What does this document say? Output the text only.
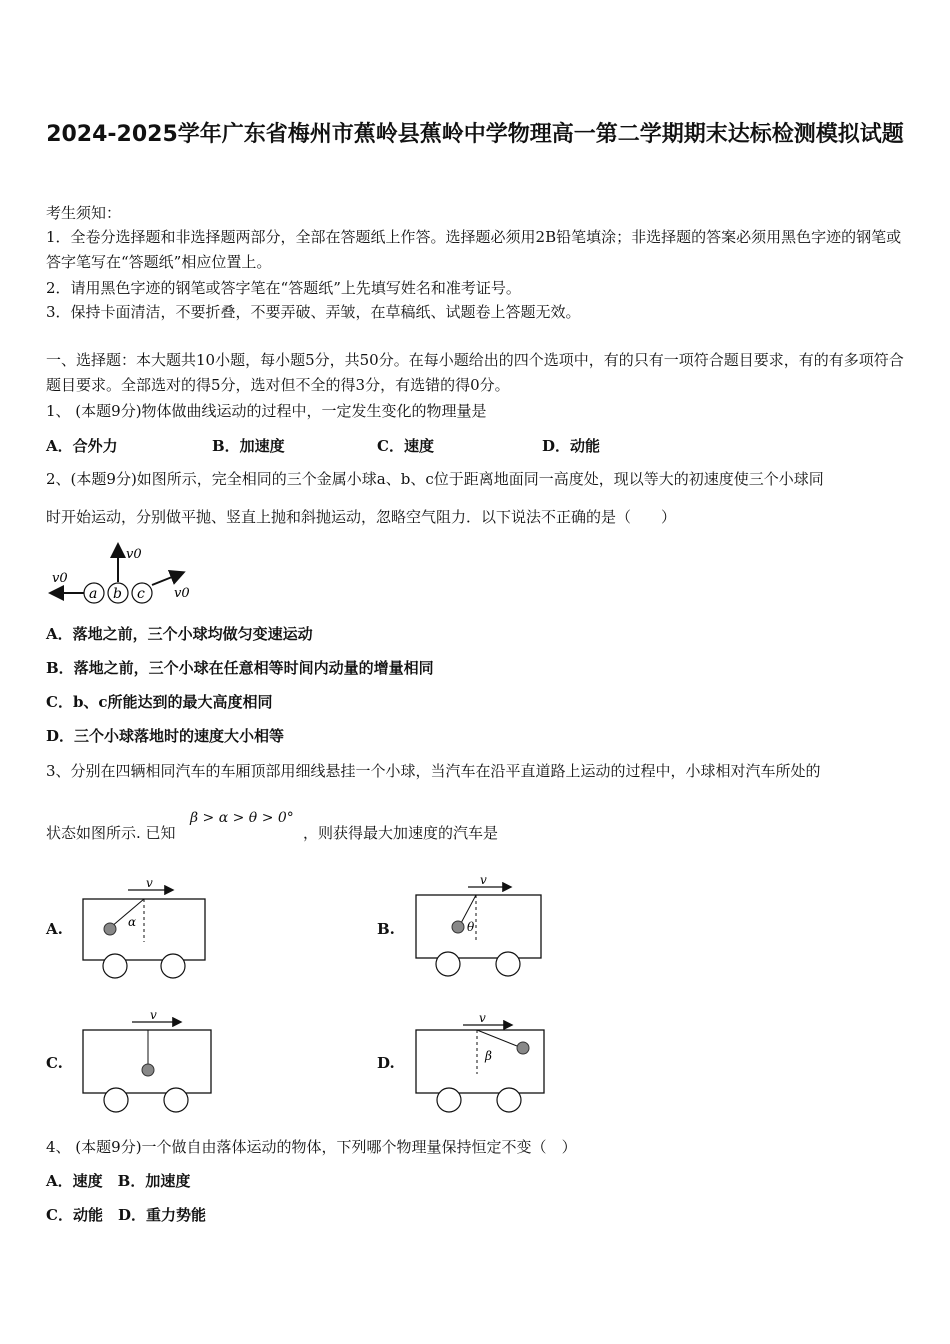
2024-2025学年广东省梅州市蕉岭县蕉岭中学物理高一第二学期期末达标检测模拟试题
考生须知：
1．全卷分选择题和非选择题两部分，全部在答题纸上作答。选择题必须用2B铅笔填涂；非选择题的答案必须用黑色字迹的钢笔或答字笔写在“答题纸”相应位置上。
2．请用黑色字迹的钢笔或答字笔在“答题纸”上先填写姓名和准考证号。
3．保持卡面清洁，不要折叠，不要弄破、弄皱，在草稿纸、试题卷上答题无效。
一、选择题：本大题共10小题，每小题5分，共50分。在每小题给出的四个选项中，有的只有一项符合题目要求，有的有多项符合题目要求。全部选对的得5分，选对但不全的得3分，有选错的得0分。
1、 (本题9分)物体做曲线运动的过程中，一定发生变化的物理量是
A．合外力	B．加速度	C．速度	D．动能
2、(本题9分)如图所示，完全相同的三个金属小球a、b、c位于距离地面同一高度处，现以等大的初速度使三个小球同
时开始运动，分别做平抛、竖直上抛和斜抛运动，忽略空气阻力．以下说法不正确的是（　　）
a b c
v0
v0
v0
A．落地之前，三个小球均做匀变速运动
B．落地之前，三个小球在任意相等时间内动量的增量相同
C．b、c所能达到的最大高度相同
D．三个小球落地时的速度大小相等
3、分别在四辆相同汽车的车厢顶部用细线悬挂一个小球，当汽车在沿平直道路上运动的过程中，小球相对汽车所处的
状态如图所示. 已知
β > α > θ > 0°
，则获得最大加速度的汽车是
A.
v
α	B.
v
θ
C.
v
D.
v
β
4、 (本题9分)一个做自由落体运动的物体，下列哪个物理量保持恒定不变（　）
A．速度　B．加速度
C．动能　D．重力势能
